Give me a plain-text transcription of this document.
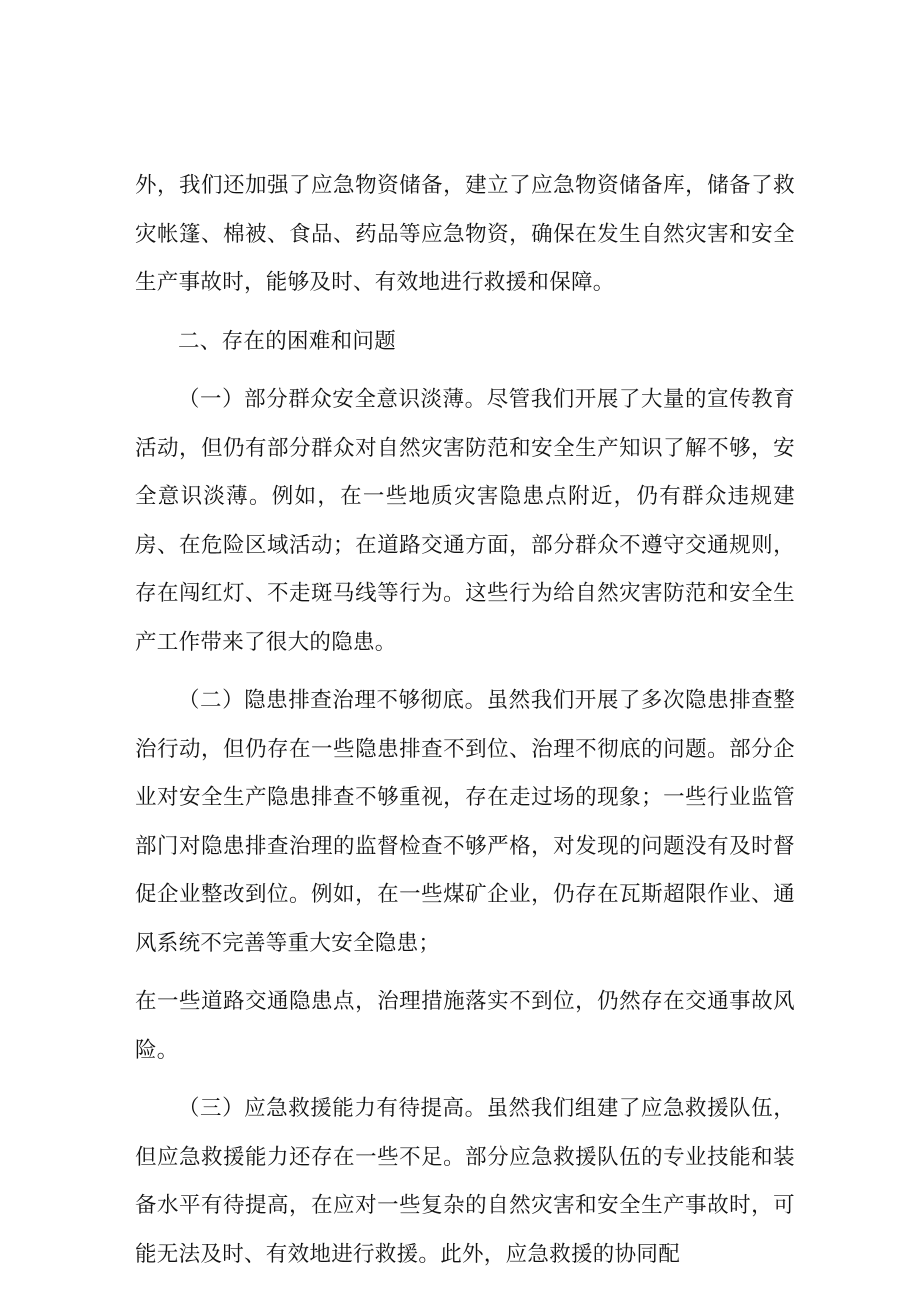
外，我们还加强了应急物资储备，建立了应急物资储备库，储备了救灾帐篷、棉被、食品、药品等应急物资，确保在发生自然灾害和安全生产事故时，能够及时、有效地进行救援和保障。

二、存在的困难和问题

（一）部分群众安全意识淡薄。尽管我们开展了大量的宣传教育活动，但仍有部分群众对自然灾害防范和安全生产知识了解不够，安全意识淡薄。例如，在一些地质灾害隐患点附近，仍有群众违规建房、在危险区域活动；在道路交通方面，部分群众不遵守交通规则，存在闯红灯、不走斑马线等行为。这些行为给自然灾害防范和安全生产工作带来了很大的隐患。

（二）隐患排查治理不够彻底。虽然我们开展了多次隐患排查整治行动，但仍存在一些隐患排查不到位、治理不彻底的问题。部分企业对安全生产隐患排查不够重视，存在走过场的现象；一些行业监管部门对隐患排查治理的监督检查不够严格，对发现的问题没有及时督促企业整改到位。例如，在一些煤矿企业，仍存在瓦斯超限作业、通风系统不完善等重大安全隐患；

在一些道路交通隐患点，治理措施落实不到位，仍然存在交通事故风险。

（三）应急救援能力有待提高。虽然我们组建了应急救援队伍，但应急救援能力还存在一些不足。部分应急救援队伍的专业技能和装备水平有待提高，在应对一些复杂的自然灾害和安全生产事故时，可能无法及时、有效地进行救援。此外，应急救援的协同配
